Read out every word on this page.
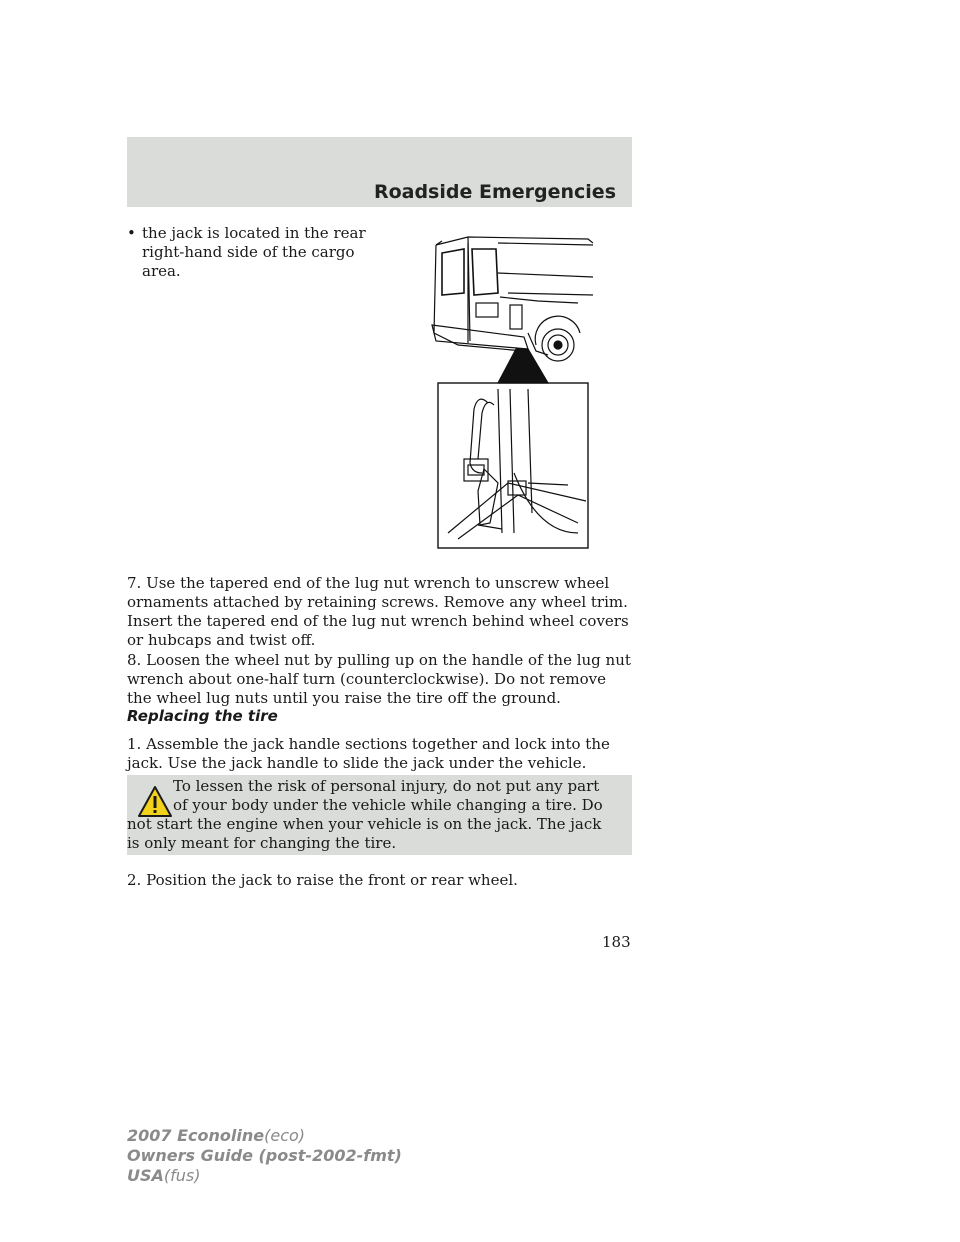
Roadside Emergencies
• the jack is located in the rear right-hand side of the cargo area.

7. Use the tapered end of the lug nut wrench to unscrew wheel ornaments attached by retaining screws. Remove any wheel trim. Insert the tapered end of the lug nut wrench behind wheel covers or hubcaps and twist off.

8. Loosen the wheel nut by pulling up on the handle of the lug nut wrench about one-half turn (counterclockwise). Do not remove the wheel lug nuts until you raise the tire off the ground.

Replacing the tire

1. Assemble the jack handle sections together and lock into the jack. Use the jack handle to slide the jack under the vehicle.

To lessen the risk of personal injury, do not put any part of your body under the vehicle while changing a tire. Do not start the engine when your vehicle is on the jack. The jack is only meant for changing the tire.

2. Position the jack to raise the front or rear wheel.

183
2007 Econoline(eco)
Owners Guide (post-2002-fmt)
USA(fus)
